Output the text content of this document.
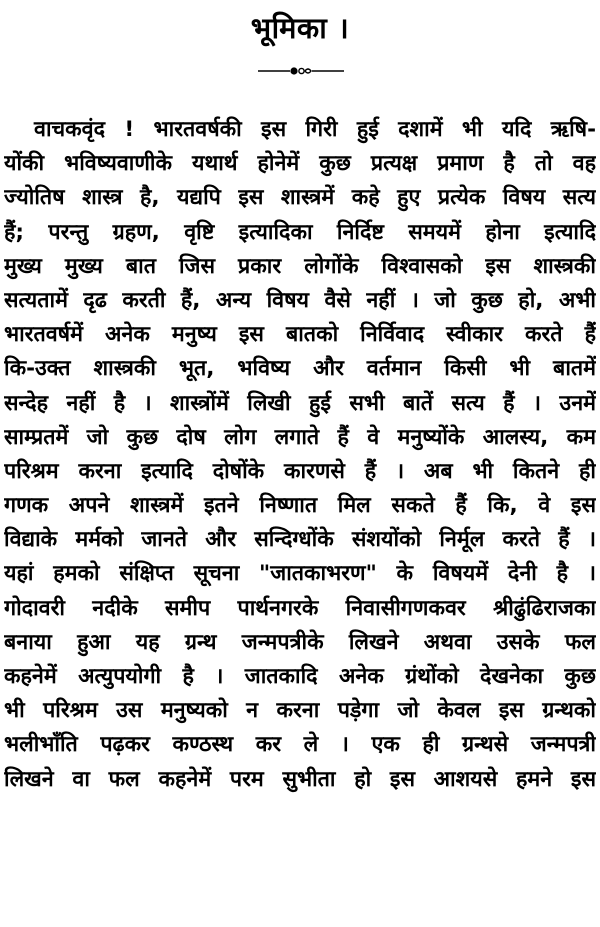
भूमिका ।
वाचकवृंद ! भारतवर्षकी इस गिरी हुई दशामें भी यदि ऋषि-
योंकी भविष्यवाणीके यथार्थ होनेमें कुछ प्रत्यक्ष प्रमाण है तो वह
ज्योतिष शास्त्र है, यद्यपि इस शास्त्रमें कहे हुए प्रत्येक विषय सत्य
हैं; परन्तु ग्रहण, वृष्टि इत्यादिका निर्दिष्ट समयमें होना इत्यादि
मुख्य मुख्य बात जिस प्रकार लोगोंके विश्वासको इस शास्त्रकी
सत्यतामें दृढ करती हैं, अन्य विषय वैसे नहीं । जो कुछ हो, अभी
भारतवर्षमें अनेक मनुष्य इस बातको निर्विवाद स्वीकार करते हैं
कि-उक्त शास्त्रकी भूत, भविष्य और वर्तमान किसी भी बातमें
सन्देह नहीं है । शास्त्रोंमें लिखी हुई सभी बातें सत्य हैं । उनमें
साम्प्रतमें जो कुछ दोष लोग लगाते हैं वे मनुष्योंके आलस्य, कम
परिश्रम करना इत्यादि दोषोंके कारणसे हैं । अब भी कितने ही
गणक अपने शास्त्रमें इतने निष्णात मिल सकते हैं कि, वे इस
विद्याके मर्मको जानते और सन्दिग्धोंके संशयोंको निर्मूल करते हैं ।
यहां हमको संक्षिप्त सूचना "जातकाभरण" के विषयमें देनी है ।
गोदावरी नदीके समीप पार्थनगरके निवासीगणकवर श्रीढुंढिराजका
बनाया हुआ यह ग्रन्थ जन्मपत्रीके लिखने अथवा उसके फल
कहनेमें अत्युपयोगी है । जातकादि अनेक ग्रंथोंको देखनेका कुछ
भी परिश्रम उस मनुष्यको न करना पड़ेगा जो केवल इस ग्रन्थको
भलीभाँति पढ़कर कण्ठस्थ कर ले । एक ही ग्रन्थसे जन्मपत्री
लिखने वा फल कहनेमें परम सुभीता हो इस आशयसे हमने इस
